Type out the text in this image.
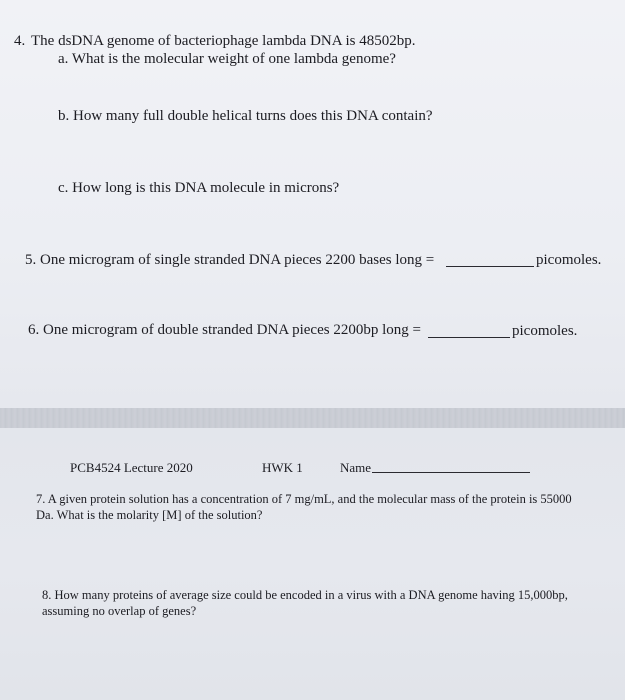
4. The dsDNA genome of bacteriophage lambda DNA is 48502bp.
a. What is the molecular weight of one lambda genome?
b. How many full double helical turns does this DNA contain?
c. How long is this DNA molecule in microns?
5. One microgram of single stranded DNA pieces 2200 bases long =	picomoles.
6. One microgram of double stranded DNA pieces 2200bp long =	picomoles.
PCB4524 Lecture 2020	HWK 1	Name
7. A given protein solution has a concentration of 7 mg/mL, and the molecular mass of the protein is 55000 Da. What is the molarity [M] of the solution?
8. How many proteins of average size could be encoded in a virus with a DNA genome having 15,000bp, assuming no overlap of genes?
